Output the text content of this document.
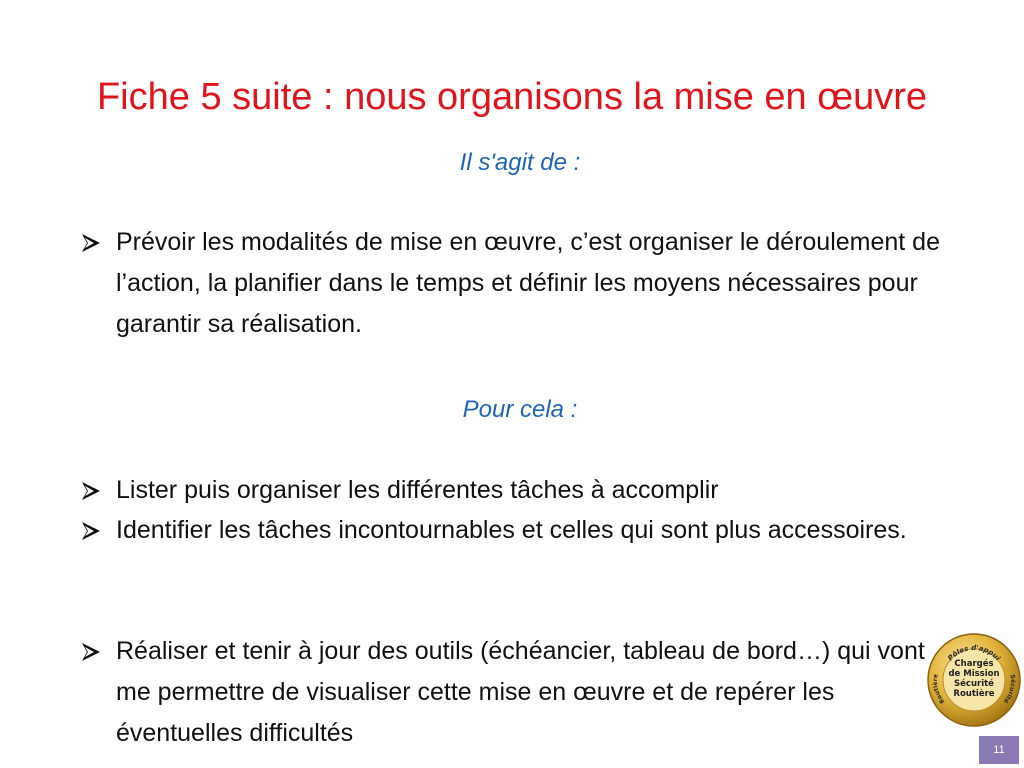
Fiche 5 suite : nous organisons la mise en œuvre
Il s'agit de :
Prévoir les modalités de mise en œuvre, c’est organiser le déroulement de l’action, la planifier dans le temps et définir les moyens nécessaires pour garantir sa réalisation.
Pour cela :
Lister puis organiser les différentes tâches à accomplir
Identifier les tâches incontournables et celles qui sont plus accessoires.
Réaliser et tenir à jour des outils (échéancier, tableau de bord…) qui vont me permettre de visualiser cette mise en œuvre et de repérer les éventuelles difficultés
Pôles d'appui
Routière	Sécurité
Chargés
de Mission
Sécurité
Routière
11
